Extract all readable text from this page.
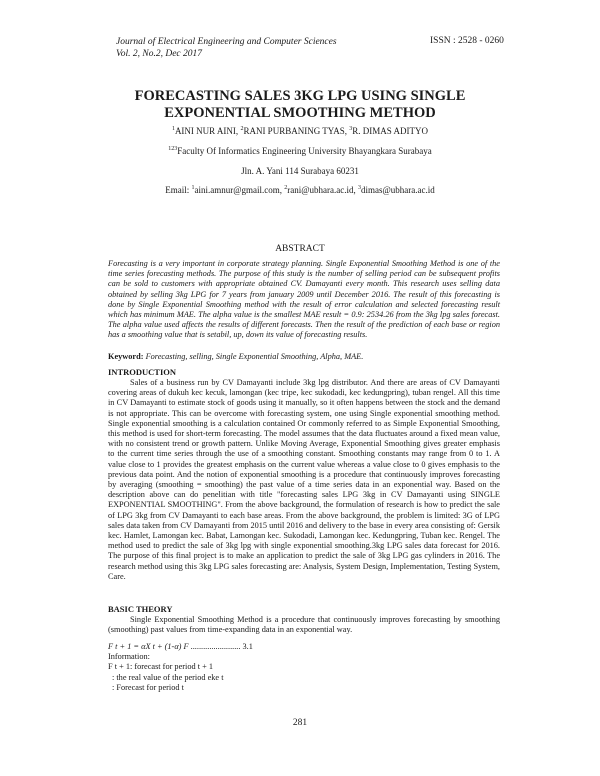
Journal of Electrical Engineering and Computer Sciences
Vol. 2, No.2, Dec 2017
ISSN : 2528 - 0260
FORECASTING SALES 3KG LPG USING SINGLE
EXPONENTIAL SMOOTHING METHOD
$^1$AINI NUR AINI, $^2$RANI PURBANING TYAS, $^3$R. DIMAS ADITYO
$^{123}$Faculty Of Informatics Engineering University Bhayangkara Surabaya
Jln. A. Yani 114 Surabaya 60231
Email: $^1$aini.amnur@gmail.com, $^2$rani@ubhara.ac.id, $^3$dimas@ubhara.ac.id
ABSTRACT
Forecasting is a very important in corporate strategy planning. Single Exponential Smoothing Method is one of the time series forecasting methods. The purpose of this study is the number of selling period can be subsequent profits can be sold to customers with appropriate obtained CV. Damayanti every month. This research uses selling data obtained by selling 3kg LPG for 7 years from january 2009 until December 2016. The result of this forecasting is done by Single Exponential Smoothing method with the result of error calculation and selected forecasting result which has minimum MAE. The alpha value is the smallest MAE result = 0.9: 2534.26 from the 3kg lpg sales forecast. The alpha value used affects the results of different forecasts. Then the result of the prediction of each base or region has a smoothing value that is setabil, up, down its value of forecasting results.
Keyword: Forecasting, selling, Single Exponential Smoothing, Alpha, MAE.
INTRODUCTION

Sales of a business run by CV Damayanti include 3kg lpg distributor. And there are areas of CV Damayanti covering areas of dukuh kec kecuk, lamongan (kec tripe, kec sukodadi, kec kedungpring), tuban rengel. All this time in CV Damayanti to estimate stock of goods using it manually, so it often happens between the stock and the demand is not appropriate. This can be overcome with forecasting system, one using Single exponential smoothing method. Single exponential smoothing is a calculation contained Or commonly referred to as Simple Exponential Smoothing, this method is used for short-term forecasting. The model assumes that the data fluctuates around a fixed mean value, with no consistent trend or growth pattern. Unlike Moving Average, Exponential Smoothing gives greater emphasis to the current time series through the use of a smoothing constant. Smoothing constants may range from 0 to 1. A value close to 1 provides the greatest emphasis on the current value whereas a value close to 0 gives emphasis to the previous data point. And the notion of exponential smoothing is a procedure that continuously improves forecasting by averaging (smoothing = smoothing) the past value of a time series data in an exponential way. Based on the description above can do penelitian with title "forecasting sales LPG 3kg in CV Damayanti using SINGLE EXPONENTIAL SMOOTHING". From the above background, the formulation of research is how to predict the sale of LPG 3kg from CV Damayanti to each base areas. From the above background, the problem is limited: 3G of LPG sales data taken from CV Damayanti from 2015 until 2016 and delivery to the base in every area consisting of: Gersik kec. Hamlet, Lamongan kec. Babat, Lamongan kec. Sukodadi, Lamongan kec. Kedungpring, Tuban kec. Rengel. The method used to predict the sale of 3kg lpg with single exponential smoothing.3kg LPG sales data forecast for 2016. The purpose of this final project is to make an application to predict the sale of 3kg LPG gas cylinders in 2016. The research method using this 3kg LPG sales forecasting are: Analysis, System Design, Implementation, Testing System, Care.

BASIC THEORY

Single Exponential Smoothing Method is a procedure that continuously improves forecasting by smoothing (smoothing) past values from time-expanding data in an exponential way.

F t + 1 = αX t + (1-α) F ........................ 3.1
Information:
F t + 1: forecast for period t + 1
: the real value of the period eke t
: Forecast for period t
281
